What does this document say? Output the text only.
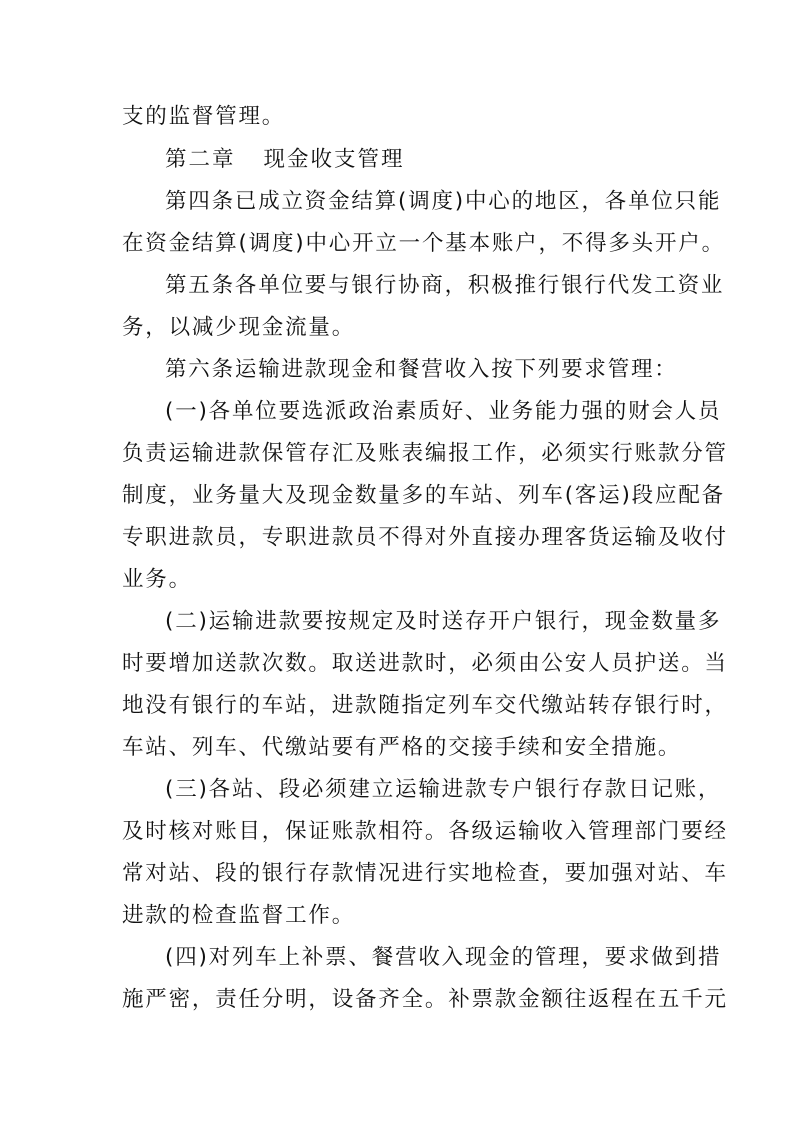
支的监督管理。
第二章 现金收支管理
第四条已成立资金结算(调度)中心的地区，各单位只能
在资金结算(调度)中心开立一个基本账户，不得多头开户。
第五条各单位要与银行协商，积极推行银行代发工资业
务，以减少现金流量。
第六条运输进款现金和餐营收入按下列要求管理：
(一)各单位要选派政治素质好、业务能力强的财会人员
负责运输进款保管存汇及账表编报工作，必须实行账款分管
制度，业务量大及现金数量多的车站、列车(客运)段应配备
专职进款员，专职进款员不得对外直接办理客货运输及收付
业务。
(二)运输进款要按规定及时送存开户银行，现金数量多
时要增加送款次数。取送进款时，必须由公安人员护送。当
地没有银行的车站，进款随指定列车交代缴站转存银行时，
车站、列车、代缴站要有严格的交接手续和安全措施。
(三)各站、段必须建立运输进款专户银行存款日记账，
及时核对账目，保证账款相符。各级运输收入管理部门要经
常对站、段的银行存款情况进行实地检查，要加强对站、车
进款的检查监督工作。
(四)对列车上补票、餐营收入现金的管理，要求做到措
施严密，责任分明，设备齐全。补票款金额往返程在五千元
